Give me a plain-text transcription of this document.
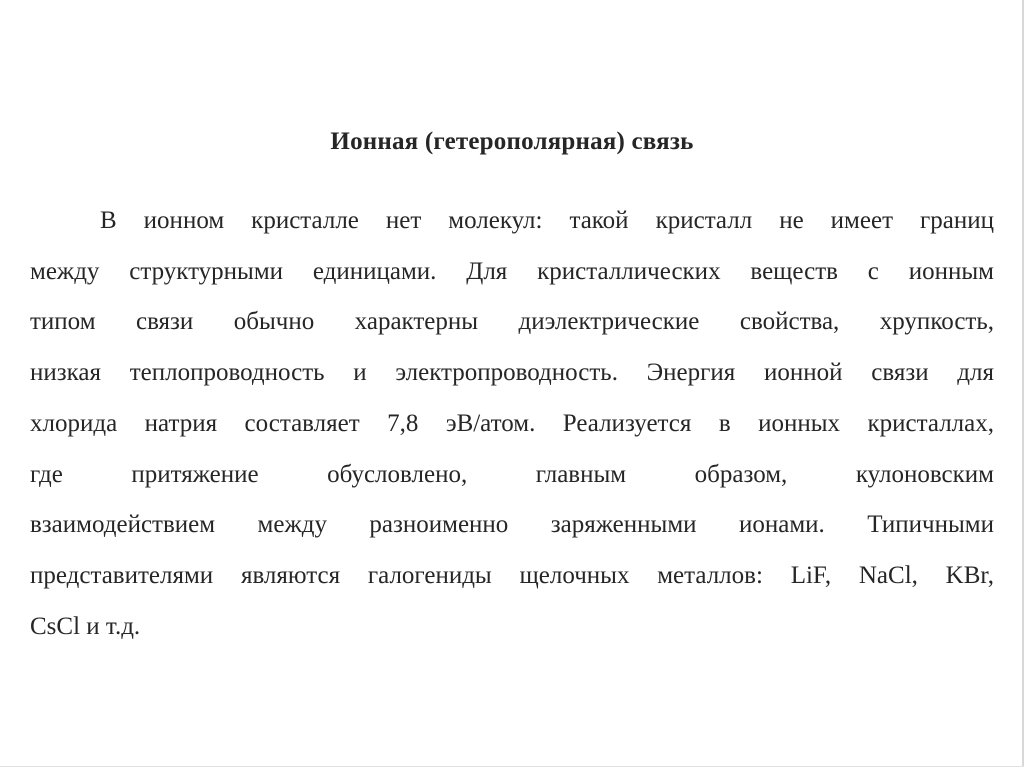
Ионная (гетерополярная) связь
В ионном кристалле нет молекул: такой кристалл не имеет границ
между структурными единицами. Для кристаллических веществ с ионным
типом связи обычно характерны диэлектрические свойства, хрупкость,
низкая теплопроводность и электропроводность. Энергия ионной связи для
хлорида натрия составляет 7,8 эВ/атом. Реализуется в ионных кристаллах,
где притяжение обусловлено, главным образом, кулоновским
взаимодействием между разноименно заряженными ионами. Типичными
представителями являются галогениды щелочных металлов: LiF, NaCl, KBr,
CsCl и т.д.
